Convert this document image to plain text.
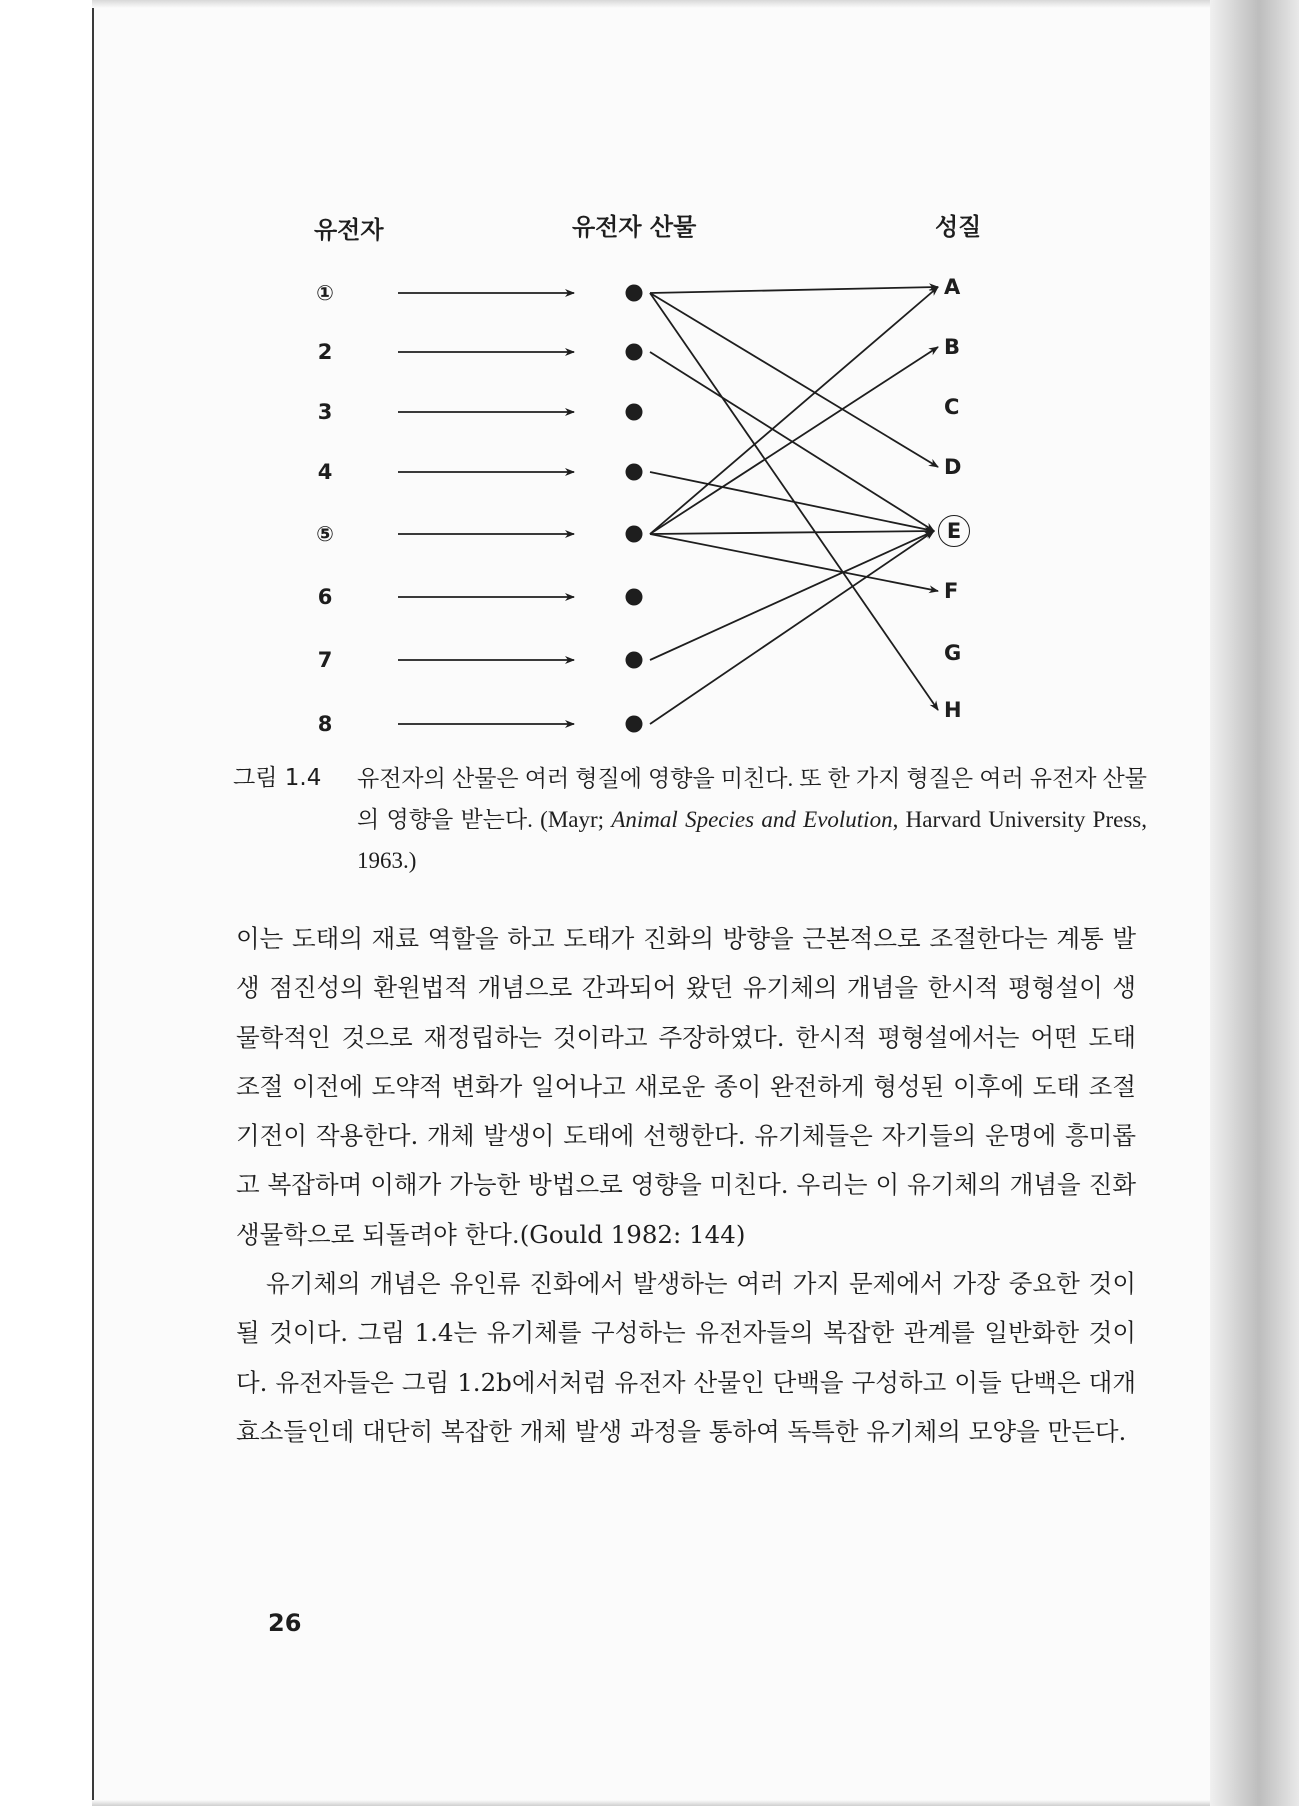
유전자	유전자 산물	성질
①
2
3
4
⑤
6
7
8
A
B
C
D
E
F
G
H
그림 1.4 유전자의 산물은 여러 형질에 영향을 미친다. 또 한 가지 형질은 여러 유전자 산물의 영향을 받는다. (Mayr; Animal Species and Evolution, Harvard University Press, 1963.)

이는 도태의 재료 역할을 하고 도태가 진화의 방향을 근본적으로 조절한다는 계통 발생 점진성의 환원법적 개념으로 간과되어 왔던 유기체의 개념을 한시적 평형설이 생물학적인 것으로 재정립하는 것이라고 주장하였다. 한시적 평형설에서는 어떤 도태 조절 이전에 도약적 변화가 일어나고 새로운 종이 완전하게 형성된 이후에 도태 조절기전이 작용한다. 개체 발생이 도태에 선행한다. 유기체들은 자기들의 운명에 흥미롭고 복잡하며 이해가 가능한 방법으로 영향을 미친다. 우리는 이 유기체의 개념을 진화생물학으로 되돌려야 한다.(Gould 1982: 144)

유기체의 개념은 유인류 진화에서 발생하는 여러 가지 문제에서 가장 중요한 것이 될 것이다. 그림 1.4는 유기체를 구성하는 유전자들의 복잡한 관계를 일반화한 것이다. 유전자들은 그림 1.2b에서처럼 유전자 산물인 단백을 구성하고 이들 단백은 대개 효소들인데 대단히 복잡한 개체 발생 과정을 통하여 독특한 유기체의 모양을 만든다.

26
